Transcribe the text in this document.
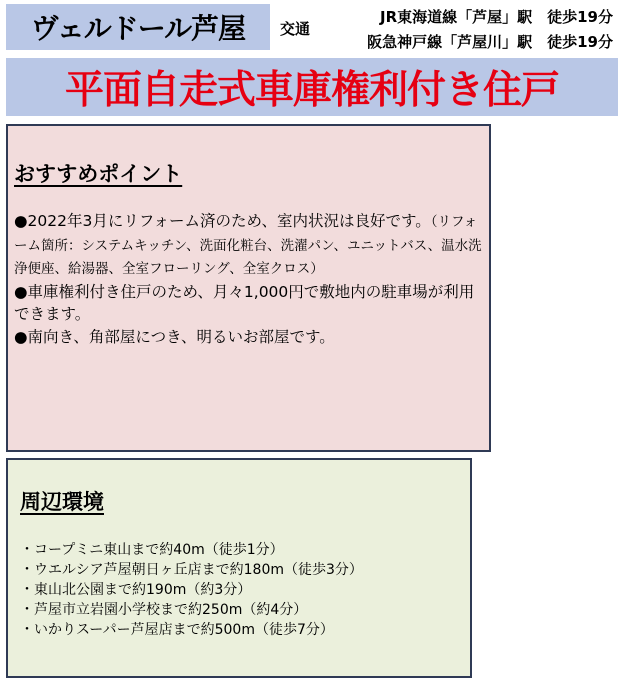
ヴェルドール芦屋	交通
JR東海道線「芦屋」駅　徒歩19分
阪急神戸線「芦屋川」駅　徒歩19分
平面自走式車庫権利付き住戸
おすすめポイント

●2022年3月にリフォーム済のため、室内状況は良好です。（リフォーム箇所：システムキッチン、洗面化粧台、洗濯パン、ユニットバス、温水洗浄便座、給湯器、全室フローリング、全室クロス）

●車庫権利付き住戸のため、月々1,000円で敷地内の駐車場が利用できます。

●南向き、角部屋につき、明るいお部屋です。

周辺環境
・コープミニ東山まで約40m（徒歩1分）
・ウエルシア芦屋朝日ヶ丘店まで約180m（徒歩3分）
・東山北公園まで約190m（約3分）
・芦屋市立岩園小学校まで約250m（約4分）
・いかりスーパー芦屋店まで約500m（徒歩7分）
